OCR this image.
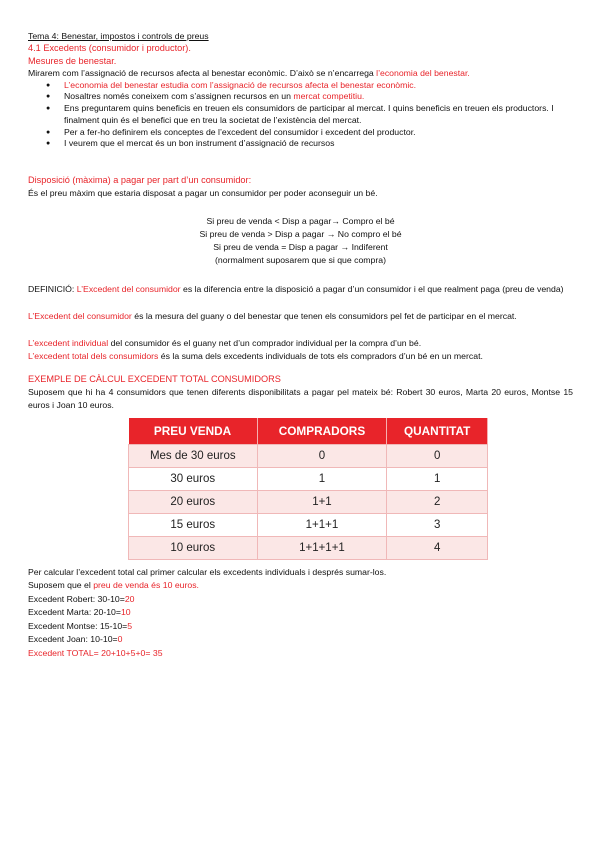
Tema 4: Benestar, impostos i controls de preus
4.1 Excedents (consumidor i productor).
Mesures de benestar.
Mirarem com l’assignació de recursos afecta al benestar econòmic. D’això se n’encarrega l’economia del benestar.
● L’economia del benestar estudia com l’assignació de recursos afecta el benestar econòmic.
● Nosaltres només coneixem com s’assignen recursos en un mercat competitiu.
● Ens preguntarem quins beneficis en treuen els consumidors de participar al mercat. I quins beneficis en treuen els productors. I finalment quin és el benefici que en treu la societat de l’existència del mercat.
● Per a fer-ho definirem els conceptes de l’excedent del consumidor i excedent del productor.
● I veurem que el mercat és un bon instrument d’assignació de recursos
Disposició (màxima) a pagar per part d’un consumidor:
És el preu màxim que estaria disposat a pagar un consumidor per poder aconseguir un bé.
Si preu de venda < Disp a pagar→ Compro el bé
Si preu de venda > Disp a pagar → No compro el bé
Si preu de venda = Disp a pagar → Indiferent
(normalment suposarem que si que compra)
DEFINICIÓ: L’Excedent del consumidor es la diferencia entre la disposició a pagar d’un consumidor i el que realment paga (preu de venda)
L’Excedent del consumidor és la mesura del guany o del benestar que tenen els consumidors pel fet de participar en el mercat.
L’excedent individual del consumidor és el guany net d’un comprador individual per la compra d’un bé.
L’excedent total dels consumidors és la suma dels excedents individuals de tots els compradors d’un bé en un mercat.
EXEMPLE DE CÀLCUL EXCEDENT TOTAL CONSUMIDORS
Suposem que hi ha 4 consumidors que tenen diferents disponibilitats a pagar pel mateix bé: Robert 30 euros, Marta 20 euros, Montse 15 euros i Joan 10 euros.
PREU VENDA	COMPRADORS	QUANTITAT
Mes de 30 euros	0	0
30 euros	1	1
20 euros	1+1	2
15 euros	1+1+1	3
10 euros	1+1+1+1	4
Per calcular l’excedent total cal primer calcular els excedents individuals i després sumar-los.
Suposem que el preu de venda és 10 euros.
Excedent Robert: 30-10=20
Excedent Marta: 20-10=10
Excedent Montse: 15-10=5
Excedent Joan: 10-10=0
Excedent TOTAL= 20+10+5+0= 35
